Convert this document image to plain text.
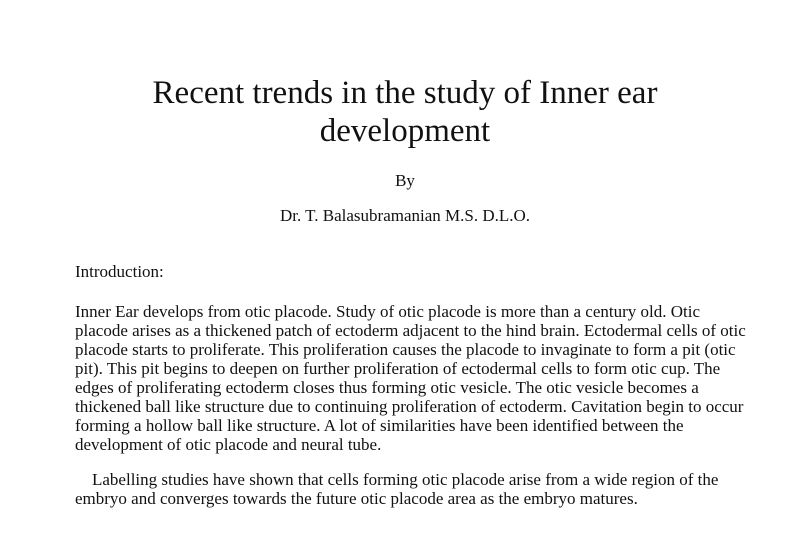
Recent trends in the study of Inner ear
development
By
Dr. T. Balasubramanian M.S. D.L.O.
Introduction:
Inner Ear develops from otic placode. Study of otic placode is more than a century old. Otic
placode arises as a thickened patch of ectoderm adjacent to the hind brain. Ectodermal cells of otic
placode starts to proliferate. This proliferation causes the placode to invaginate to form a pit (otic
pit). This pit begins to deepen on further proliferation of ectodermal cells to form otic cup. The
edges of proliferating ectoderm closes thus forming otic vesicle. The otic vesicle becomes a
thickened ball like structure due to continuing proliferation of ectoderm. Cavitation begin to occur
forming a hollow ball like structure. A lot of similarities have been identified between the
development of otic placode and neural tube.
Labelling studies have shown that cells forming otic placode arise from a wide region of the
embryo and converges towards the future otic placode area as the embryo matures.
